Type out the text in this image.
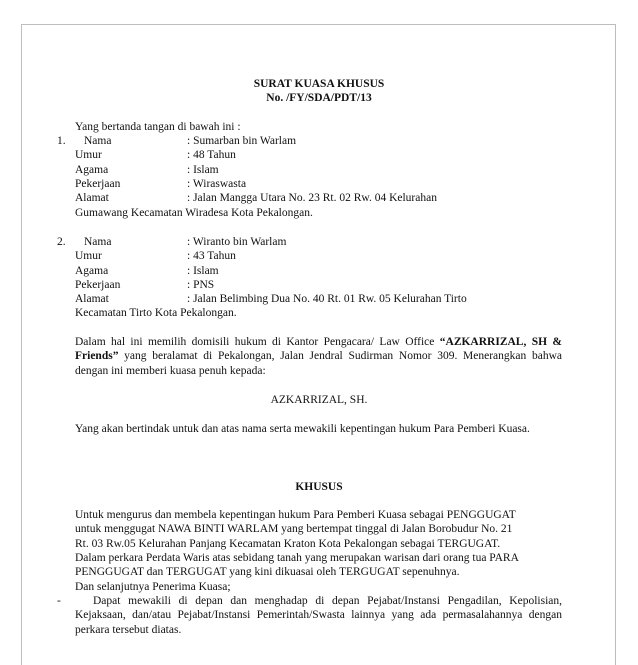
SURAT KUASA KHUSUS
No. /FY/SDA/PDT/13
Yang bertanda tangan di bawah ini :
1. Nama	: Sumarban bin Warlam
Umur	: 48 Tahun
Agama	: Islam
Pekerjaan	: Wiraswasta
Alamat	: Jalan Mangga Utara No. 23 Rt. 02 Rw. 04 Kelurahan
Gumawang Kecamatan Wiradesa Kota Pekalongan.
2. Nama	: Wiranto bin Warlam
Umur	: 43 Tahun
Agama	: Islam
Pekerjaan	: PNS
Alamat	: Jalan Belimbing Dua No. 40 Rt. 01 Rw. 05 Kelurahan Tirto
Kecamatan Tirto Kota Pekalongan.
Dalam hal ini memilih domisili hukum di Kantor Pengacara/ Law Office “AZKARRIZAL, SH & Friends” yang beralamat di Pekalongan, Jalan Jendral Sudirman Nomor 309. Menerangkan bahwa dengan ini memberi kuasa penuh kepada:
AZKARRIZAL, SH.
Yang akan bertindak untuk dan atas nama serta mewakili kepentingan hukum Para Pemberi Kuasa.
KHUSUS
Untuk mengurus dan membela kepentingan hukum Para Pemberi Kuasa sebagai PENGGUGAT
untuk menggugat NAWA BINTI WARLAM yang bertempat tinggal di Jalan Borobudur No. 21
Rt. 03 Rw.05 Kelurahan Panjang Kecamatan Kraton Kota Pekalongan sebagai TERGUGAT.
Dalam perkara Perdata Waris atas sebidang tanah yang merupakan warisan dari orang tua PARA
PENGGUGAT dan TERGUGAT yang kini dikuasai oleh TERGUGAT sepenuhnya.
Dan selanjutnya Penerima Kuasa;
-	Dapat mewakili di depan dan menghadap di depan Pejabat/Instansi Pengadilan, Kepolisian, Kejaksaan, dan/atau Pejabat/Instansi Pemerintah/Swasta lainnya yang ada permasalahannya dengan perkara tersebut diatas.
